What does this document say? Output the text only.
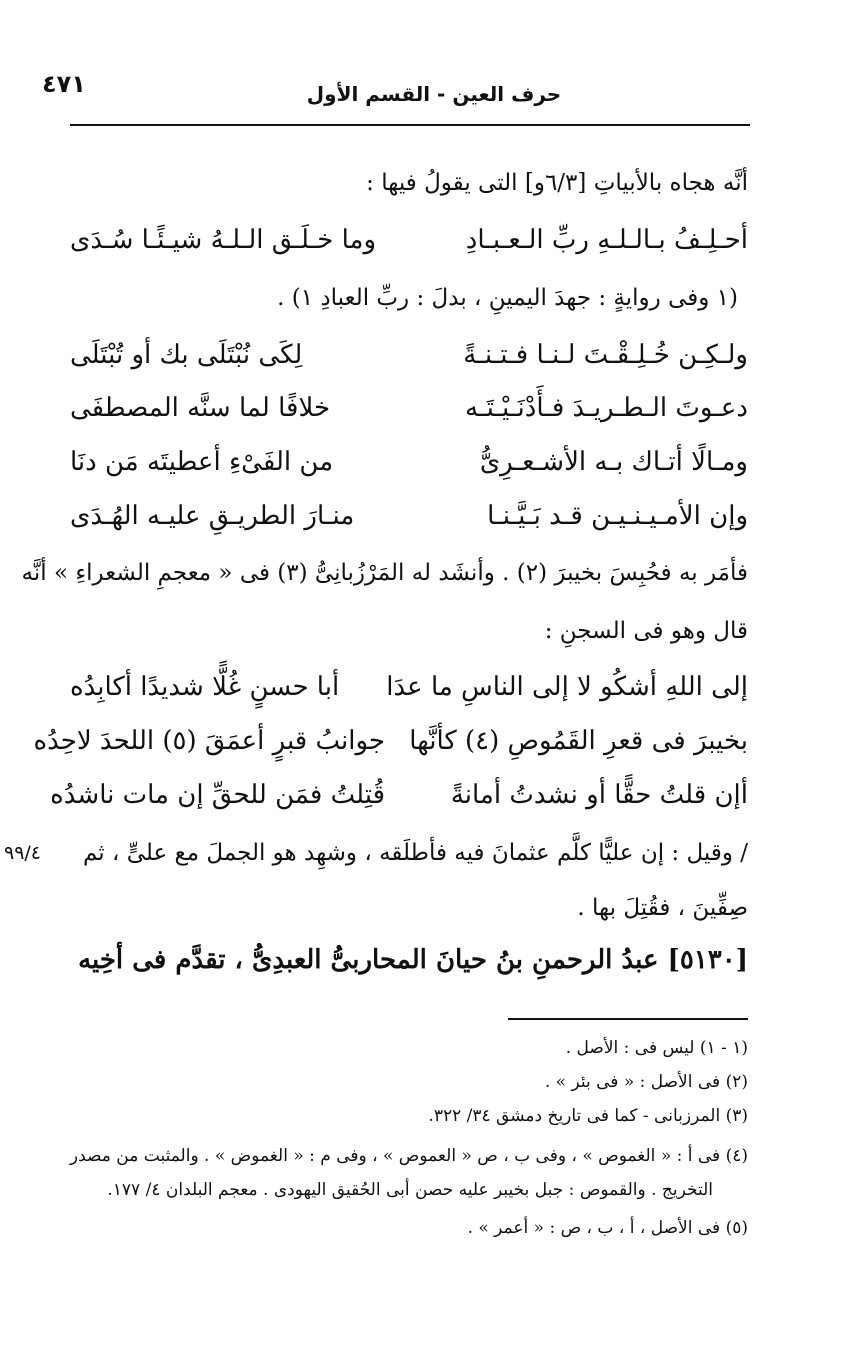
حرف العين - القسم الأول
٤٧١
أنَّه هجاه بالأبياتِ [٦/٣و] التى يقولُ فيها :
أحـلِـفُ بـالـلـهِ ربِّ الـعـبـادِ
وما خـلَـق الـلـهُ شيـئًـا سُـدَى
(١ وفى روايةٍ : جهدَ اليمينِ ، بدلَ : ربِّ العبادِ ١) .
ولـكِـن خُـلِـقْـتَ لـنـا فـتـنـةً
لِكَى نُبْتَلَى بك أو تُبْتَلَى
دعـوتَ الـطـريـدَ فـأَدْنَـيْـتَـه
خلافًا لما سنَّه المصطفَى
ومـالًا أتـاك بـه الأشـعـرِىُّ
من الفَىْءِ أعطيتَه مَن دنَا
وإن الأمـيـنـيـن قـد بَـيَّـنـا
منـارَ الطريـقِ عليـه الهُـدَى
فأمَر به فحُبِسَ بخيبرَ (٢) . وأنشَد له المَرْزُبانِىُّ (٣) فى « معجمِ الشعراءِ » أنَّه
قال وهو فى السجنِ :
إلى اللهِ أشكُو لا إلى الناسِ ما عدَا
أبا حسنٍ غُلًّا شديدًا أكابِدُه
بخيبرَ فى قعرِ القَمُوصِ (٤) كأنَّها
جوانبُ قبرٍ أعمَقَ (٥) اللحدَ لاحِدُه
أإن قلتُ حقًّا أو نشدتُ أمانةً
قُتِلتُ فمَن للحقِّ إن مات ناشدُه
/ وقيل : إن عليًّا كلَّم عثمانَ فيه فأطلَقه ، وشهِد هو الجملَ مع علىٍّ ، ثم
٩٩/٤
صِفِّينَ ، فقُتِلَ بها .
[٥١٣٠] عبدُ الرحمنِ بنُ حيانَ المحاربىُّ العبدِىُّ ، تقدَّم فى أخِيه
(١ - ١) ليس فى : الأصل .
(٢) فى الأصل : « فى بئر » .
(٣) المرزبانى - كما فى تاريخ دمشق ٣٤/ ٣٢٢.
(٤) فى أ : « الغموص » ، وفى ب ، ص « العموص » ، وفى م : « الغموض » . والمثبت من مصدر
التخريج . والقموص : جبل بخيبر عليه حصن أبى الحُقيق اليهودى . معجم البلدان ٤/ ١٧٧.
(٥) فى الأصل ، أ ، ب ، ص : « أعمر » .
